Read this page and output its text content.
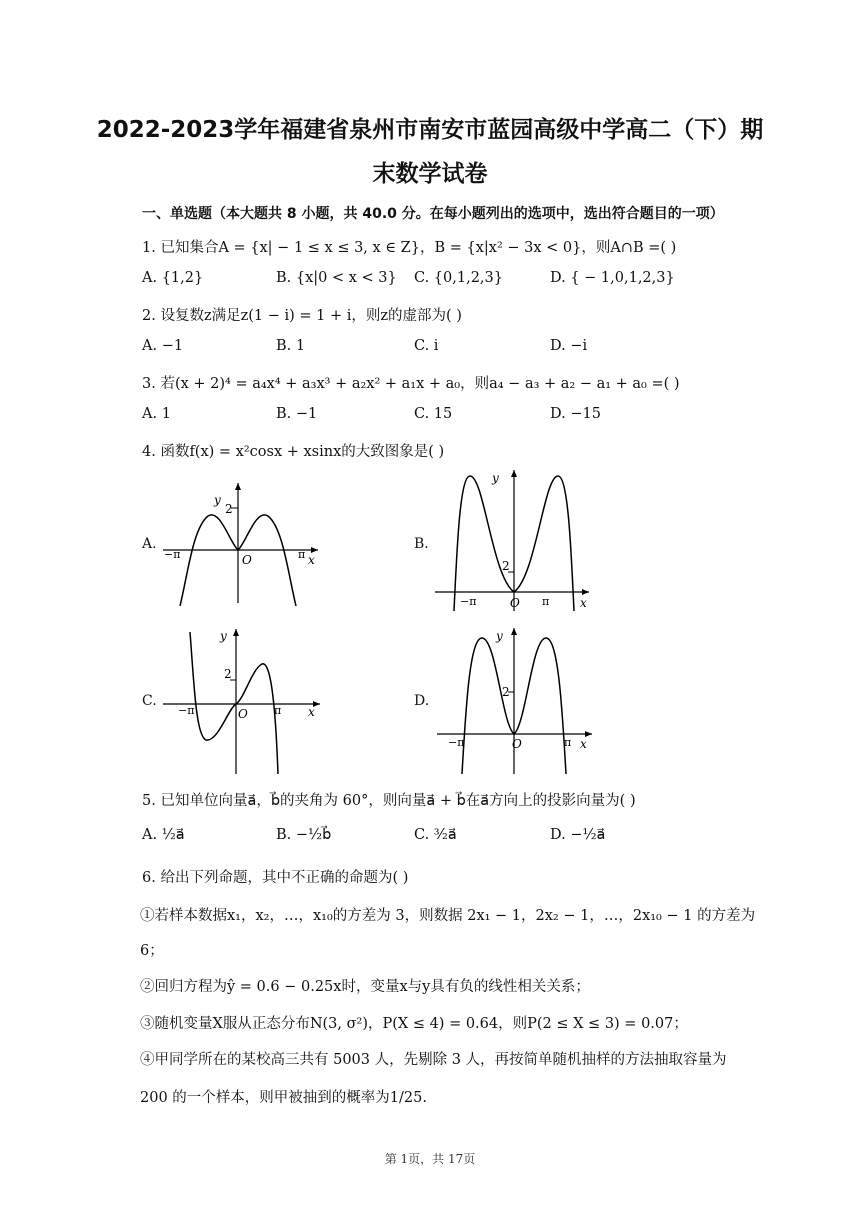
2022-2023学年福建省泉州市南安市蓝园高级中学高二（下）期
末数学试卷
一、单选题（本大题共 8 小题，共 40.0 分。在每小题列出的选项中，选出符合题目的一项）
1. 已知集合A = {x| − 1 ≤ x ≤ 3, x ∈ Z}，B = {x|x² − 3x < 0}，则A∩B =( )
A. {1,2}	B. {x|0 < x < 3} C. {0,1,2,3}	D. { − 1,0,1,2,3}
2. 设复数z满足z(1 − i) = 1 + i，则z的虚部为( )
A. −1	B. 1	C. i	D. −i
3. 若(x + 2)⁴ = a₄x⁴ + a₃x³ + a₂x² + a₁x + a₀，则a₄ − a₃ + a₂ − a₁ + a₀ =( )
A. 1	B. −1	C. 15	D. −15
4. 函数f(x) = x²cosx + xsinx的大致图象是( )
A.	B.
C.	D.
y
2
O
−π	π x
y
2
O
−π	π	x
y
2
O
−π	π x
y
2
O
−π	π x
5. 已知单位向量a⃗，b⃗的夹角为 60°，则向量a⃗ + b⃗在a⃗方向上的投影向量为( )
A. ½a⃗	B. −½b⃗	C. ³⁄₂a⃗	D. −½a⃗
6. 给出下列命题，其中不正确的命题为( )
①若样本数据x₁，x₂，…，x₁₀的方差为 3，则数据 2x₁ − 1，2x₂ − 1，…，2x₁₀ − 1 的方差为
6；
②回归方程为ŷ = 0.6 − 0.25x时，变量x与y具有负的线性相关关系；
③随机变量X服从正态分布N(3, σ²)，P(X ≤ 4) = 0.64，则P(2 ≤ X ≤ 3) = 0.07；
④甲同学所在的某校高三共有 5003 人，先剔除 3 人，再按简单随机抽样的方法抽取容量为
200 的一个样本，则甲被抽到的概率为1/25.
第 1页，共 17页
